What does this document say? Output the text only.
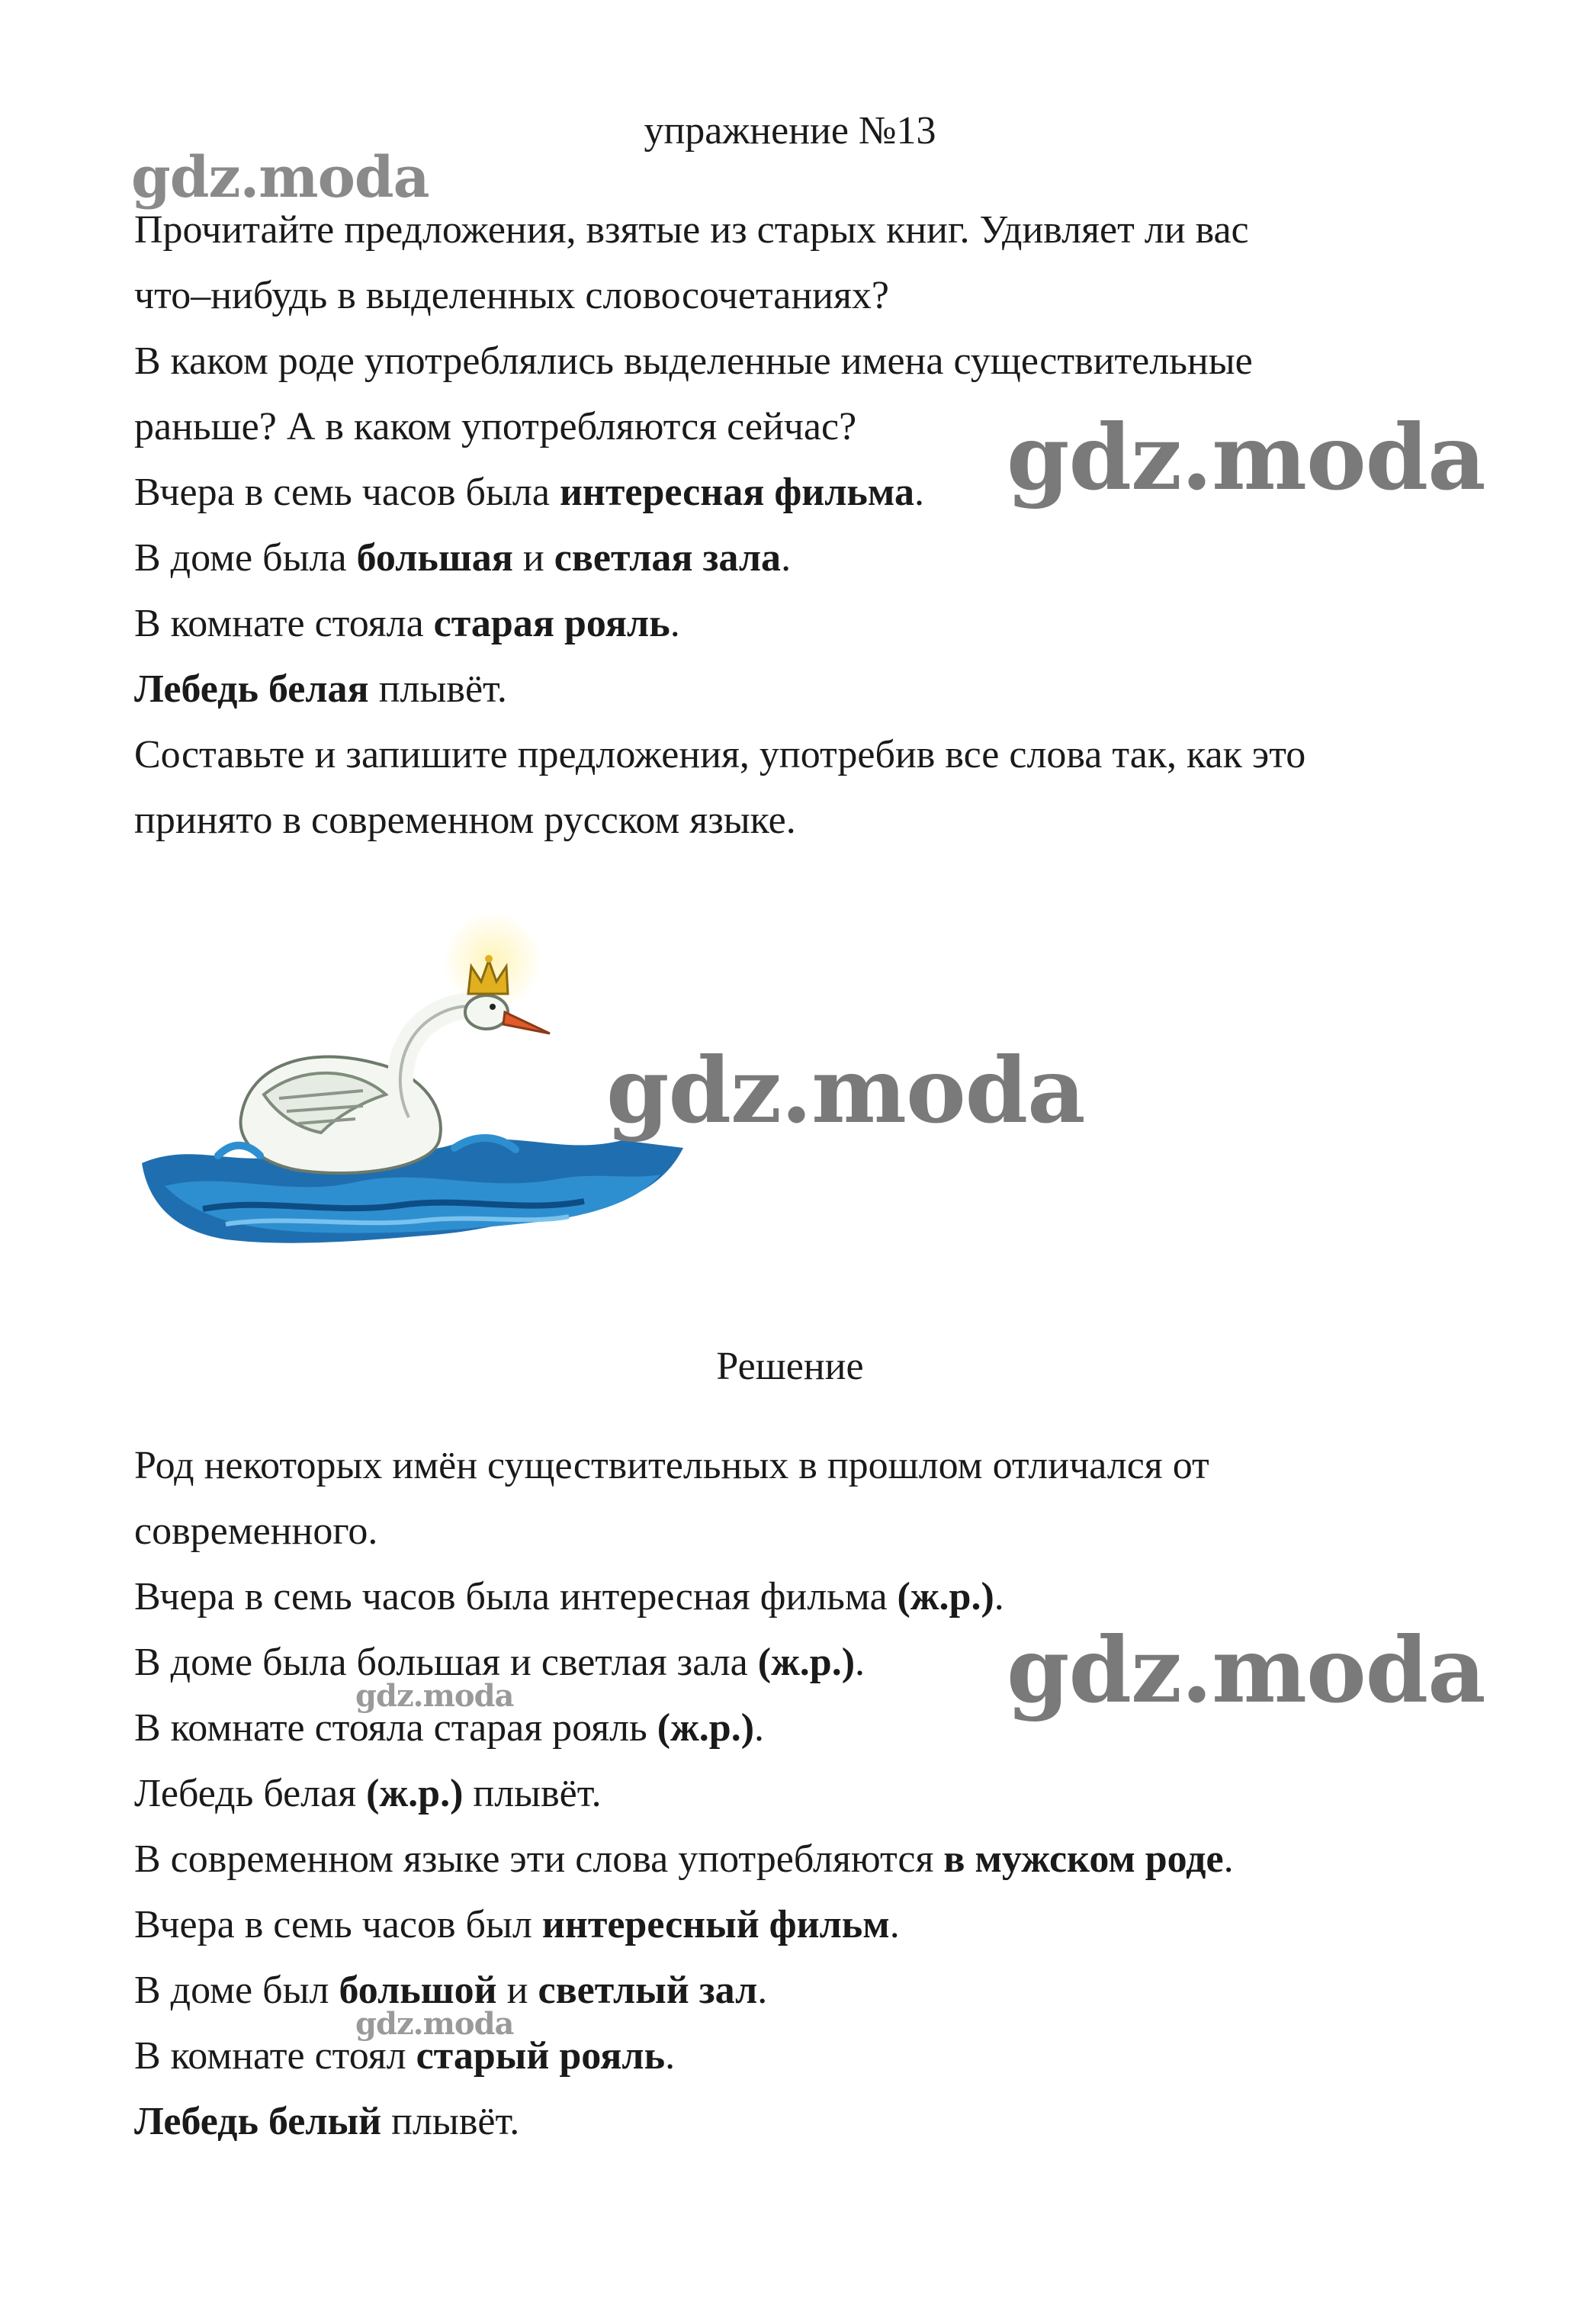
упражнение №13
Прочитайте предложения, взятые из старых книг. Удивляет ли вас
что–нибудь в выделенных словосочетаниях?
В каком роде употреблялись выделенные имена существительные
раньше? А в каком употребляются сейчас?
Вчера в семь часов была интересная фильма.
В доме была большая и светлая зала.
В комнате стояла старая рояль.
Лебедь белая плывёт.
Составьте и запишите предложения, употребив все слова так, как это
принято в современном русском языке.
Решение
Род некоторых имён существительных в прошлом отличался от
современного.
Вчера в семь часов была интересная фильма (ж.р.).
В доме была большая и светлая зала (ж.р.).
В комнате стояла старая рояль (ж.р.).
Лебедь белая (ж.р.) плывёт.
В современном языке эти слова употребляются в мужском роде.
Вчера в семь часов был интересный фильм.
В доме был большой и светлый зал.
В комнате стоял старый рояль.
Лебедь белый плывёт.
gdz.moda
gdz.moda
gdz.moda
gdz.moda
gdz.moda
gdz.moda
